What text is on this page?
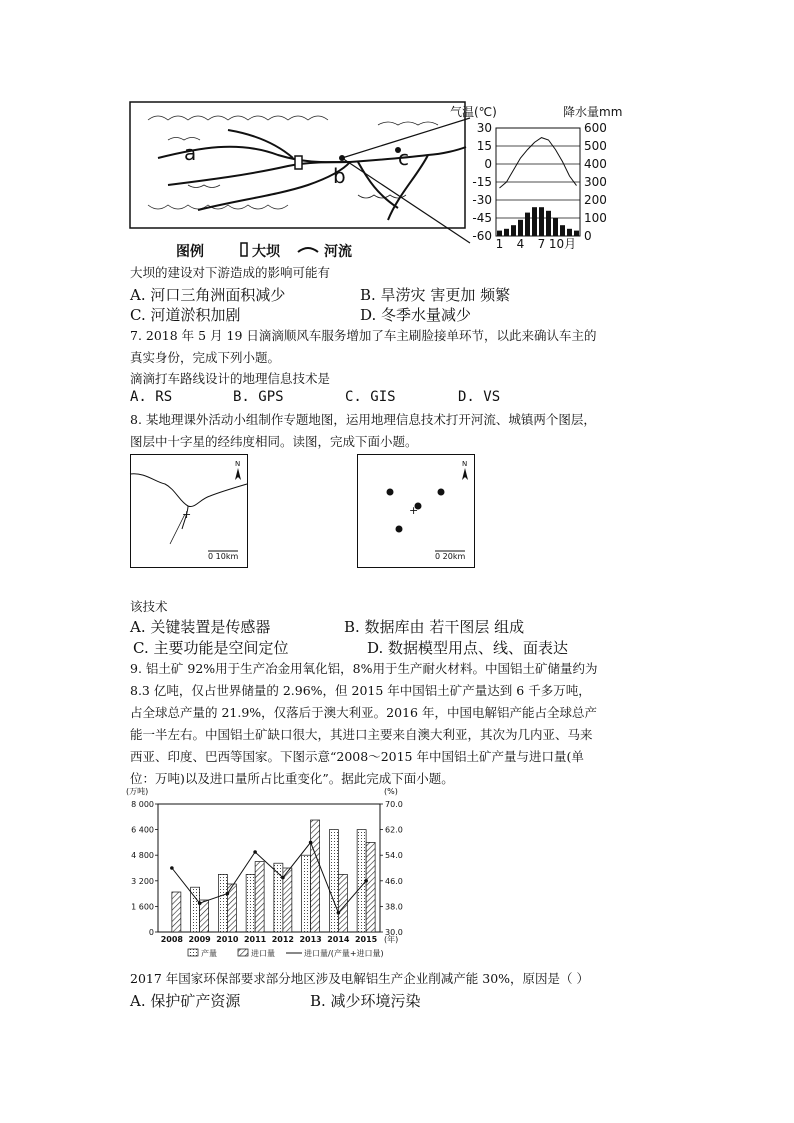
a
b
c
图例	大坝	河流
气温(℃)	降水量mm
30	600
15	500
0	400
-15	300
-30	200
-45	100
-60	0
1 4 7 10月
大坝的建设对下游造成的影响可能有
A. 河口三角洲面积减少	B. 旱涝灾 害更加 频繁
C. 河道淤积加剧	D. 冬季水量减少
7. 2018 年 5 月 19 日滴滴顺风车服务增加了车主刷脸接单环节，以此来确认车主的真实身份，完成下列小题。
滴滴打车路线设计的地理信息技术是
A. RS	B. GPS	C. GIS	D. VS
8. 某地理课外活动小组制作专题地图，运用地理信息技术打开河流、城镇两个图层，图层中十字星的经纬度相同。读图，完成下面小题。
+
N
0 10km
+
N
0 20km
该技术
A. 关键装置是传感器	B. 数据库由 若干图层 组成
C. 主要功能是空间定位	D. 数据模型用点、线、面表达
9. 铝土矿 92%用于生产冶金用氧化铝，8%用于生产耐火材料。中国铝土矿储量约为 8.3 亿吨，仅占世界储量的 2.96%，但 2015 年中国铝土矿产量达到 6 千多万吨，占全球总产量的 21.9%，仅落后于澳大利亚。2016 年，中国电解铝产能占全球总产能一半左右。中国铝土矿缺口很大，其进口主要来自澳大利亚，其次为几内亚、马来西亚、印度、巴西等国家。下图示意“2008～2015 年中国铝土矿产量与进口量(单位：万吨)以及进口量所占比重变化”。据此完成下面小题。
(万吨)	(%)
0	30.0
1 600	38.0
3 200	46.0
4 800	54.0
6 400	62.0
8 000	70.0
2008 2009 2010 2011 2012 2013 2014 2015 (年)
产量	进口量	进口量/(产量+进口量)
2017 年国家环保部要求部分地区涉及电解铝生产企业削减产能 30%，原因是（ ）
A. 保护矿产资源	B. 减少环境污染
